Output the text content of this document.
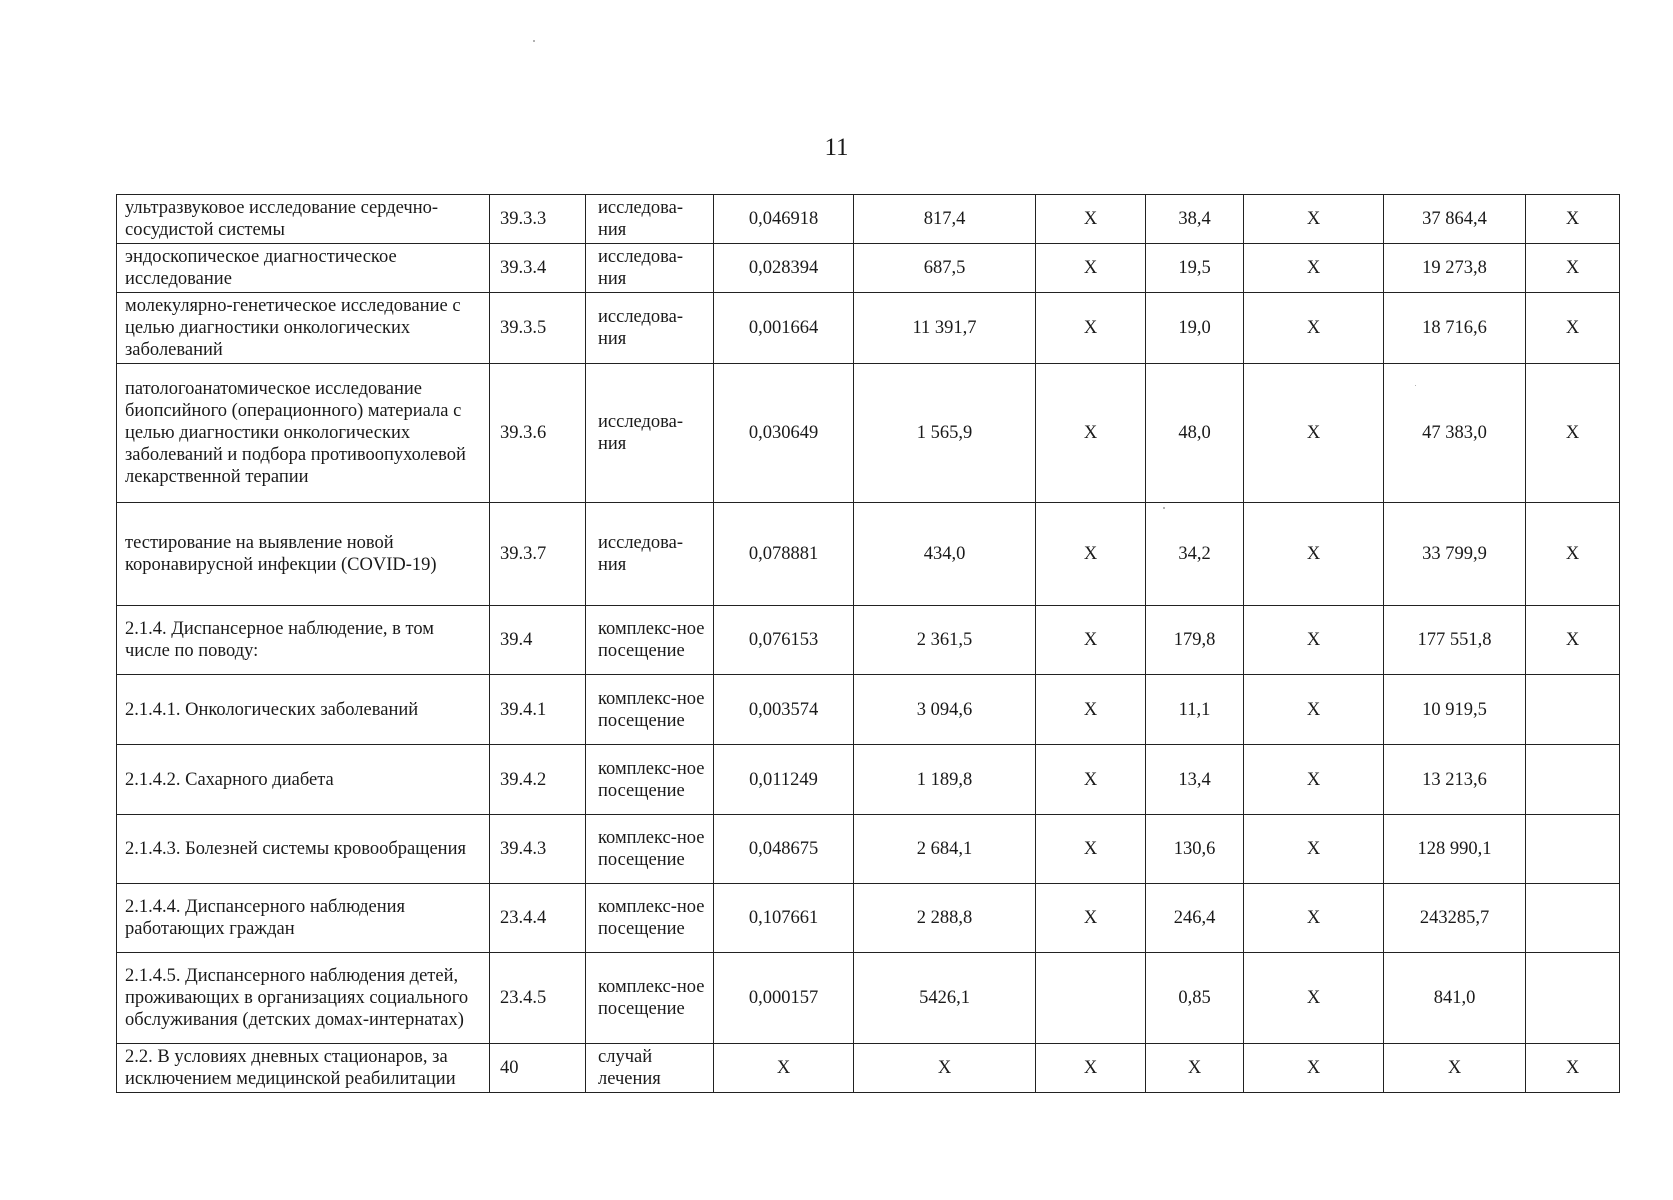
11
ультразвуковое исследование сердечно-сосудистой системы	39.3.3	исследова-ния	0,046918	817,4	Х	38,4	Х	37 864,4	Х
эндоскопическое диагностическое исследование	39.3.4	исследова-ния	0,028394	687,5	Х	19,5	Х	19 273,8	Х
молекулярно-генетическое исследование с целью диагностики онкологических заболеваний	39.3.5	исследова-ния	0,001664	11 391,7	Х	19,0	Х	18 716,6	Х
патологоанатомическое исследование биопсийного (операционного) материала с целью диагностики онкологических заболеваний и подбора противоопухолевой лекарственной терапии	39.3.6	исследова-ния	0,030649	1 565,9	Х	48,0	Х	47 383,0	Х
тестирование на выявление новой коронавирусной инфекции (COVID-19)	39.3.7	исследова-ния	0,078881	434,0	Х	34,2	Х	33 799,9	Х
2.1.4. Диспансерное наблюдение, в том числе по поводу:	39.4	комплекс-ное посещение	0,076153	2 361,5	Х	179,8	Х	177 551,8	Х
2.1.4.1. Онкологических заболеваний	39.4.1	комплекс-ное посещение	0,003574	3 094,6	Х	11,1	Х	10 919,5	
2.1.4.2. Сахарного диабета	39.4.2	комплекс-ное посещение	0,011249	1 189,8	Х	13,4	Х	13 213,6	
2.1.4.3. Болезней системы кровообращения	39.4.3	комплекс-ное посещение	0,048675	2 684,1	Х	130,6	Х	128 990,1	
2.1.4.4. Диспансерного наблюдения работающих граждан	23.4.4	комплекс-ное посещение	0,107661	2 288,8	Х	246,4	Х	243285,7	
2.1.4.5. Диспансерного наблюдения детей, проживающих в организациях социального обслуживания (детских домах-интернатах)	23.4.5	комплекс-ное посещение	0,000157	5426,1		0,85	Х	841,0	
2.2. В условиях дневных стационаров, за исключением медицинской реабилитации	40	случай лечения	Х	Х	Х	Х	Х	Х	Х
